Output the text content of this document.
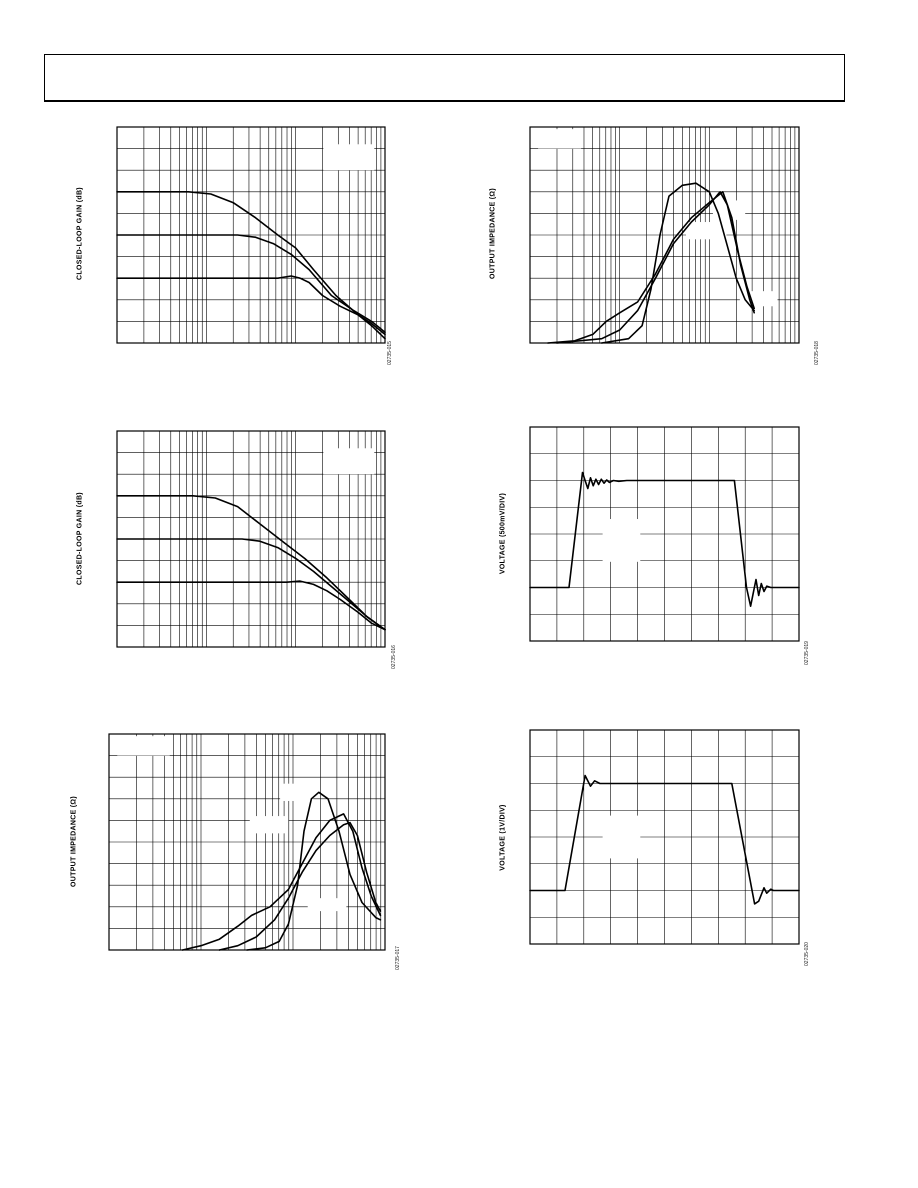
CLOSED-LOOP GAIN (dB)
02735-015
CLOSED-LOOP GAIN (dB)
02735-016
OUTPUT IMPEDANCE (Ω)
02735-017
OUTPUT IMPEDANCE (Ω)
02735-018
VOLTAGE (500mV/DIV)
02735-019
VOLTAGE (1V/DIV)
02735-020
